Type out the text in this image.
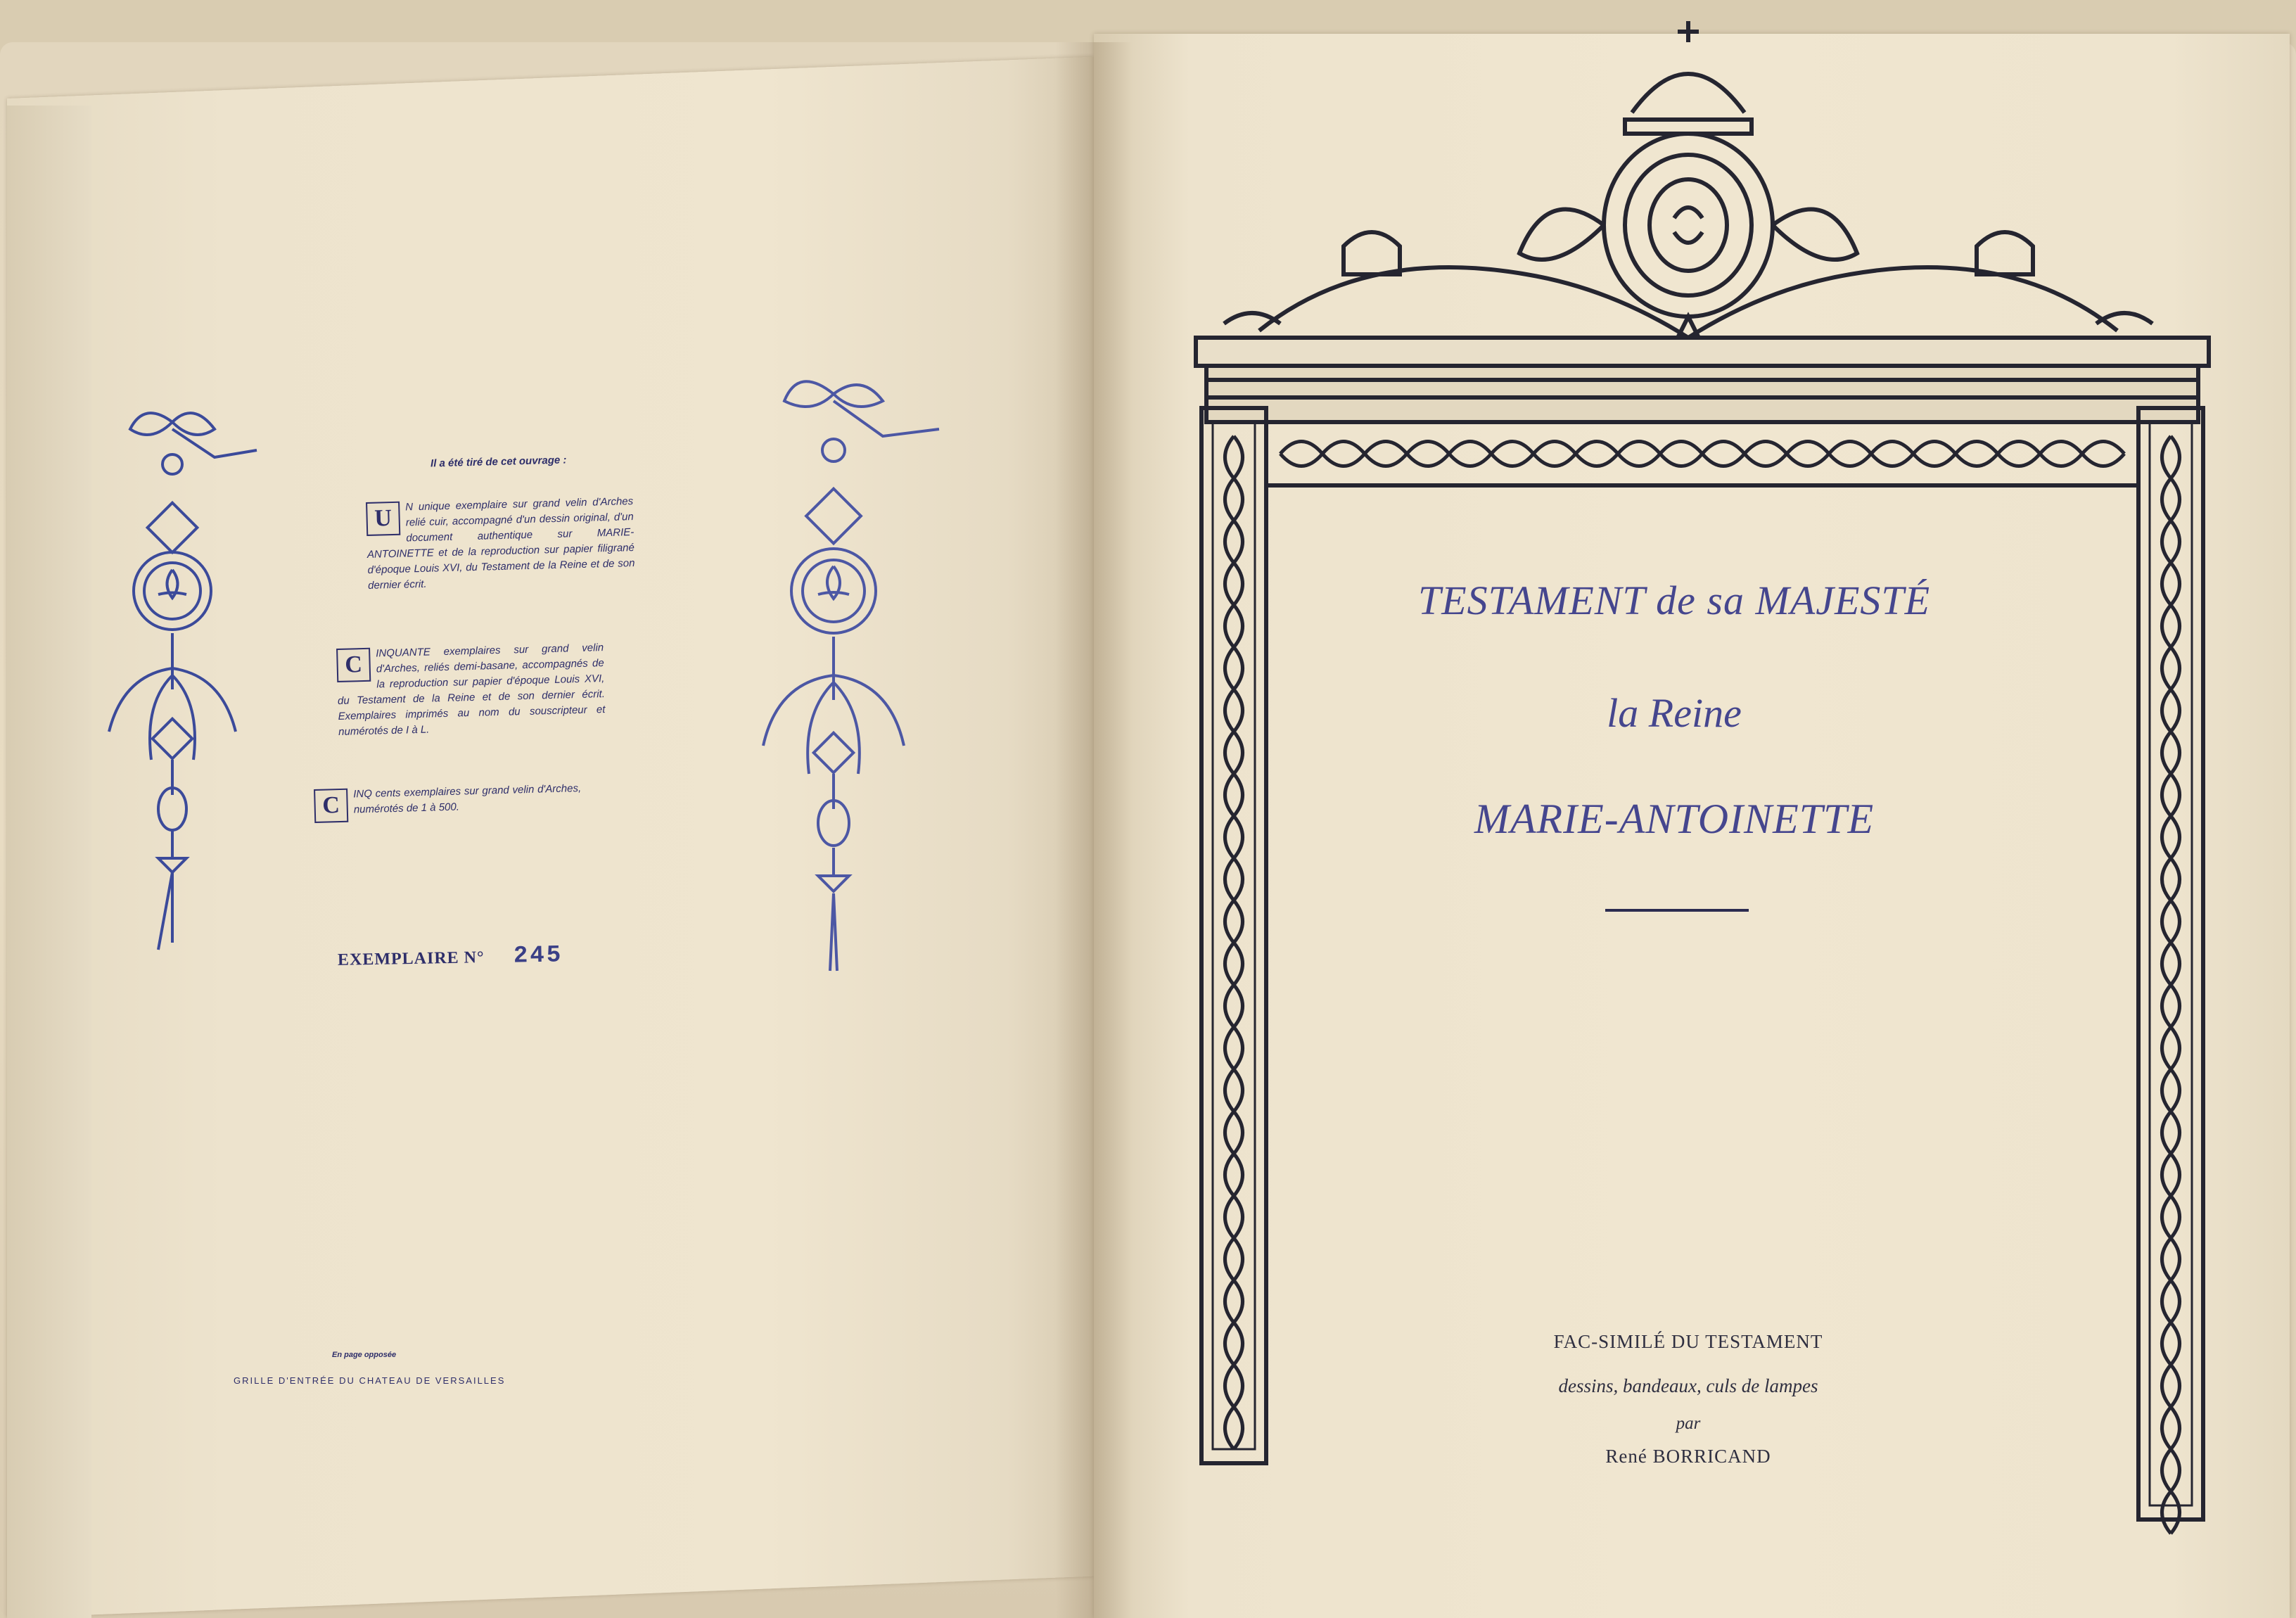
Il a été tiré de cet ouvrage :
U
N unique exemplaire sur grand velin d'Arches relié cuir, accompagné d'un dessin original, d'un document authentique sur MARIE-ANTOINETTE et de la reproduction sur papier filigrané d'époque Louis XVI, du Testament de la Reine et de son dernier écrit.
C
INQUANTE exemplaires sur grand velin d'Arches, reliés demi-basane, accompagnés de la reproduction sur papier d'époque Louis XVI, du Testament de la Reine et de son dernier écrit. Exemplaires imprimés au nom du souscripteur et numérotés de I à L.
C
INQ cents exemplaires sur grand velin d'Arches, numérotés de 1 à 500.
EXEMPLAIRE N° 245
En page opposée
GRILLE D'ENTRÉE DU CHATEAU DE VERSAILLES
TESTAMENT de sa MAJESTÉ
la Reine
MARIE-ANTOINETTE
FAC-SIMILÉ DU TESTAMENT
dessins, bandeaux, culs de lampes
par
René BORRICAND
